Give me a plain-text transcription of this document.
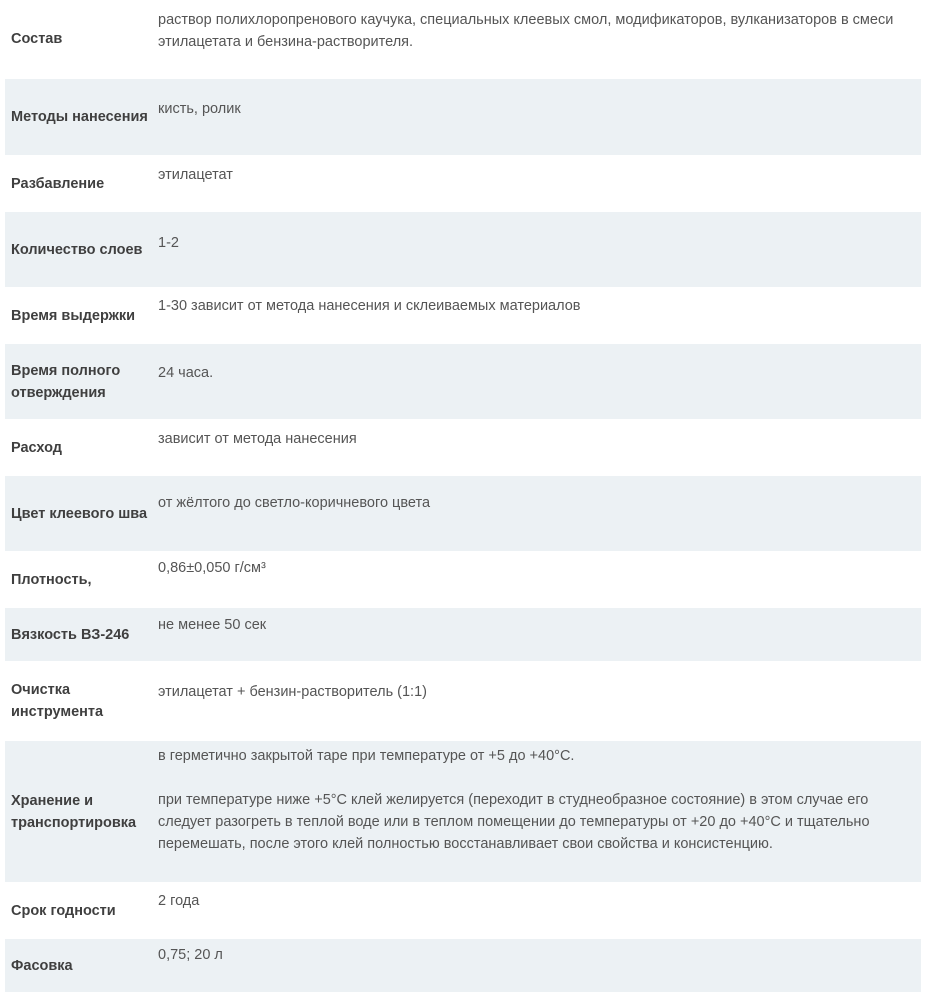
Состав

раствор полихлоропренового каучука, специальных клеевых смол, модификаторов, вулканизаторов в смеси этилацетата и бензина-растворителя.

Методы нанесения кисть, ролик

Разбавление

этилацетат

Количество слоев	1-2

Время выдержки

1-30 зависит от метода нанесения и склеиваемых материалов

Время полного отверждения

24 часа.

Расход

зависит от метода нанесения

Цвет клеевого шва

от жёлтого до светло-коричневого цвета

Плотность,

0,86±0,050 г/см³

Вязкость ВЗ-246

не менее 50 сек

Очистка инструмента

этилацетат + бензин-растворитель (1:1)

Хранение и транспортировка

в герметично закрытой таре при температуре от +5 до +40°С.

при температуре ниже +5°С клей желируется (переходит в студнеобразное состояние) в этом случае его следует разогреть в теплой воде или в теплом помещении до температуры от +20 до +40°С и тщательно перемешать, после этого клей полностью восстанавливает свои свойства и консистенцию.

Срок годности

2 года

Фасовка

0,75; 20 л
